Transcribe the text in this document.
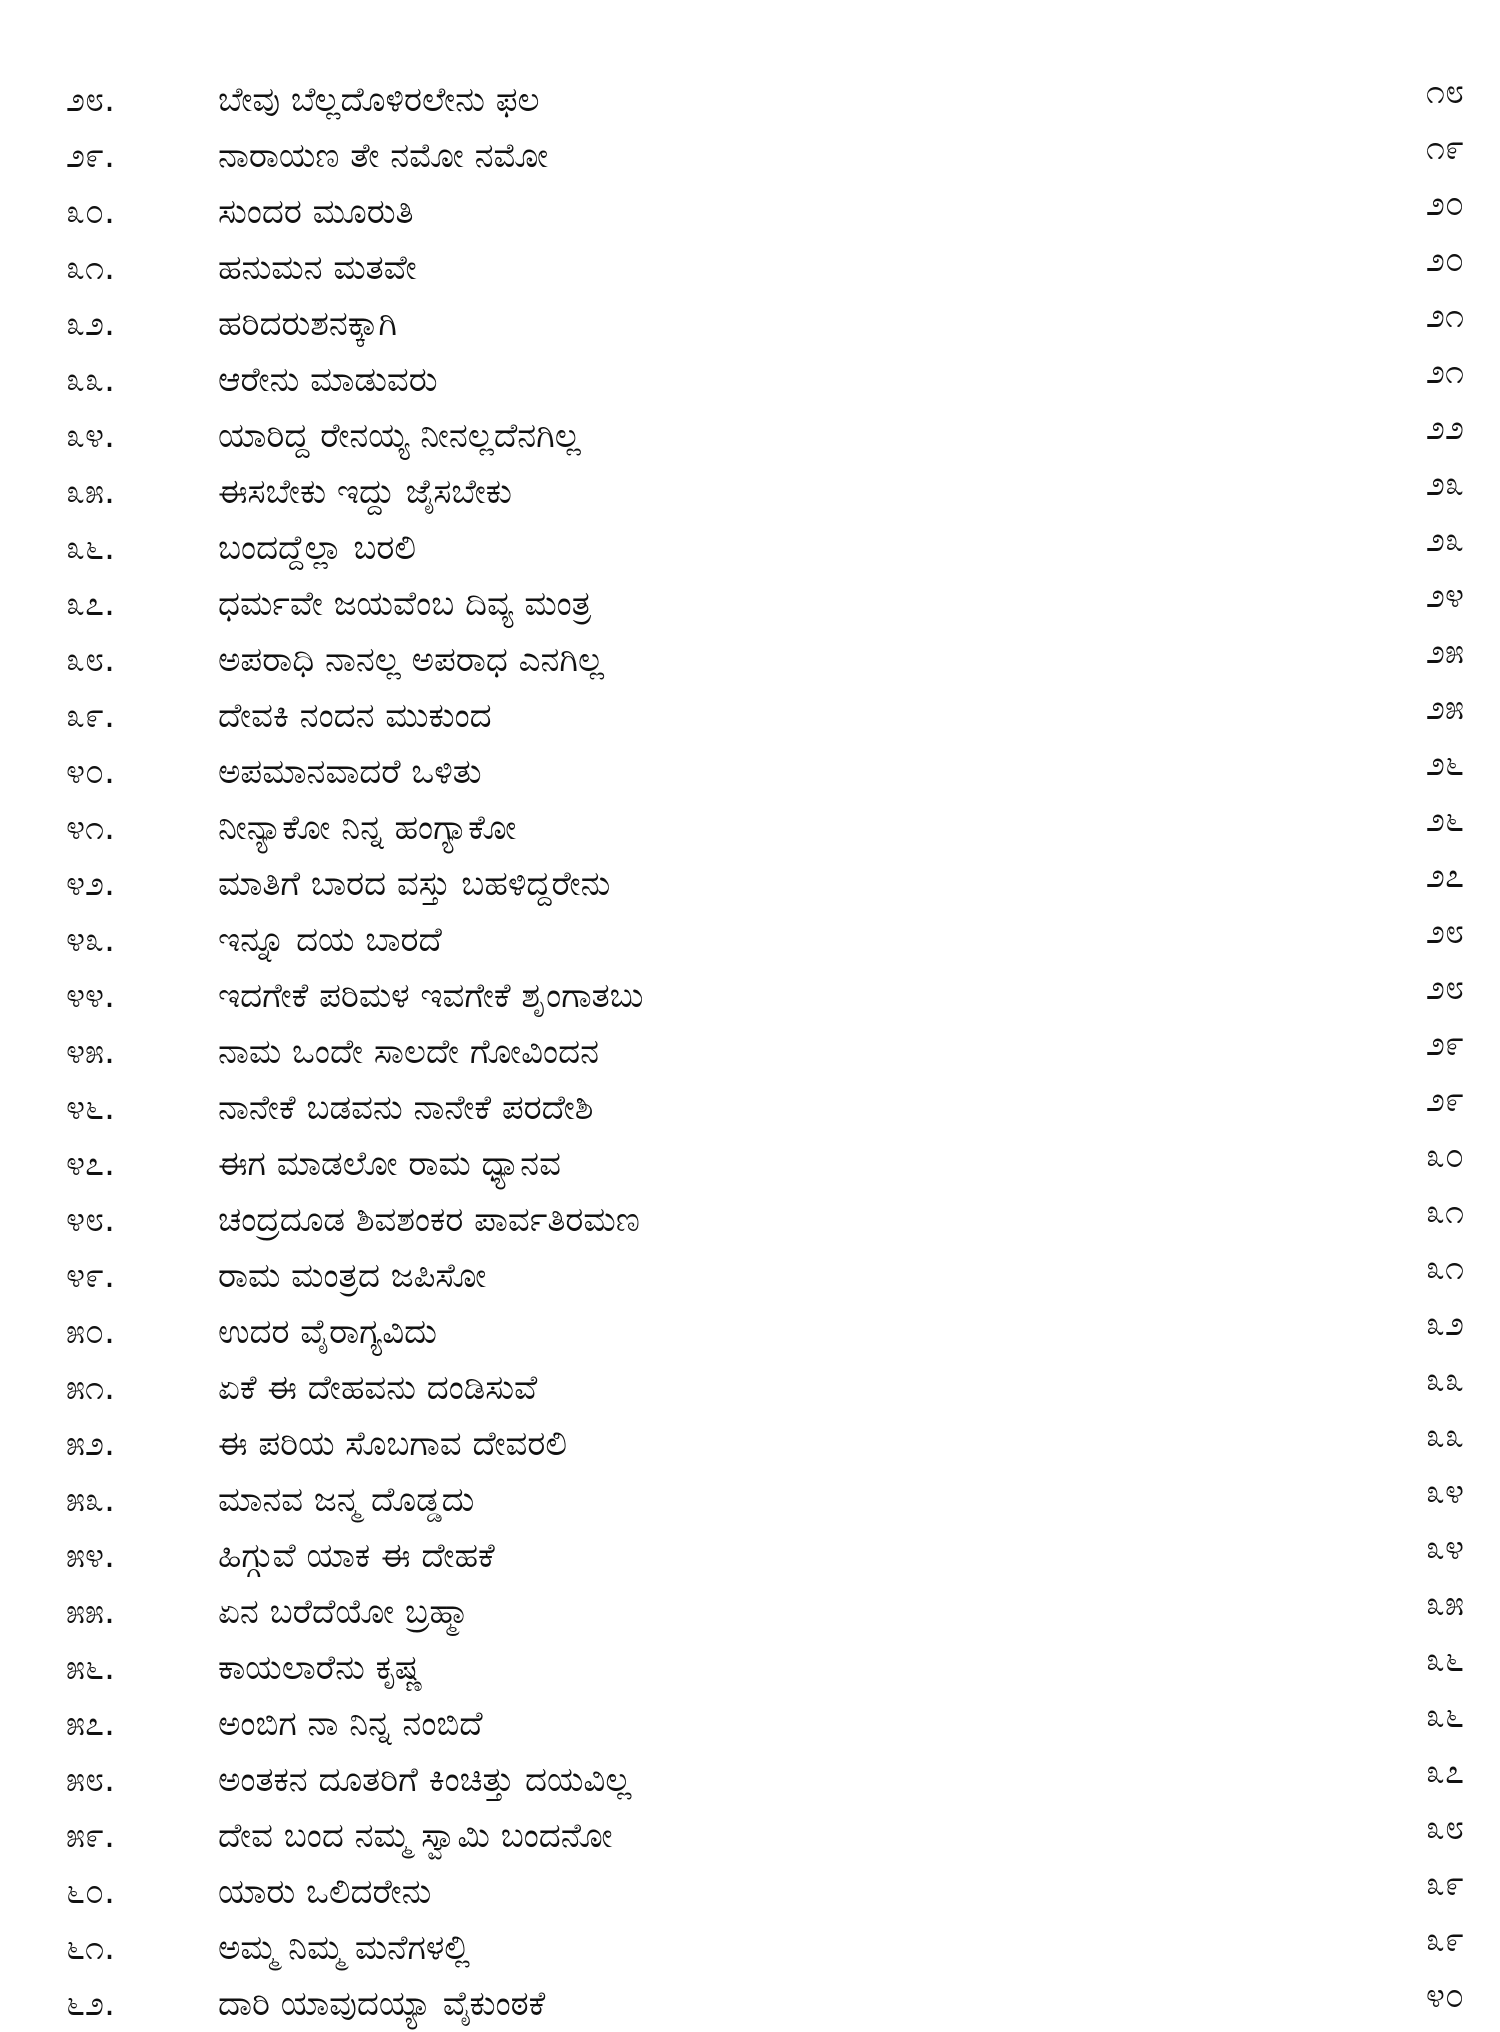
೨೮.	ಬೇವು ಬೆಲ್ಲದೊಳಿರಲೇನು ಫಲ	೧೮
೨೯.	ನಾರಾಯಣ ತೇ ನಮೋ ನಮೋ	೧೯
೩೦.	ಸುಂದರ ಮೂರುತಿ	೨೦
೩೧.	ಹನುಮನ ಮತವೇ	೨೦
೩೨.	ಹರಿದರುಶನಕ್ಕಾಗಿ	೨೧
೩೩.	ಆರೇನು ಮಾಡುವರು	೨೧
೩೪.	ಯಾರಿದ್ದ ರೇನಯ್ಯ ನೀನಲ್ಲದೆನಗಿಲ್ಲ	೨೨
೩೫.	ಈಸಬೇಕು ಇದ್ದು ಜೈಸಬೇಕು	೨೩
೩೬.	ಬಂದದ್ದೆಲ್ಲಾ ಬರಲಿ	೨೩
೩೭.	ಧರ್ಮವೇ ಜಯವೆಂಬ ದಿವ್ಯ ಮಂತ್ರ	೨೪
೩೮.	ಅಪರಾಧಿ ನಾನಲ್ಲ ಅಪರಾಧ ಎನಗಿಲ್ಲ	೨೫
೩೯.	ದೇವಕಿ ನಂದನ ಮುಕುಂದ	೨೫
೪೦.	ಅಪಮಾನವಾದರೆ ಒಳಿತು	೨೬
೪೧.	ನೀನ್ಯಾಕೋ ನಿನ್ನ ಹಂಗ್ಯಾಕೋ	೨೬
೪೨.	ಮಾತಿಗೆ ಬಾರದ ವಸ್ತು ಬಹಳಿದ್ದರೇನು	೨೭
೪೩.	ಇನ್ನೂ ದಯ ಬಾರದೆ	೨೮
೪೪.	ಇದಗೇಕೆ ಪರಿಮಳ ಇವಗೇಕೆ ಶೃಂಗಾತಬು	೨೮
೪೫.	ನಾಮ ಒಂದೇ ಸಾಲದೇ ಗೋವಿಂದನ	೨೯
೪೬.	ನಾನೇಕೆ ಬಡವನು ನಾನೇಕೆ ಪರದೇಶಿ	೨೯
೪೭.	ಈಗ ಮಾಡಲೋ ರಾಮ ಧ್ಯಾನವ	೩೦
೪೮.	ಚಂದ್ರದೂಡ ಶಿವಶಂಕರ ಪಾರ್ವತಿರಮಣ	೩೧
೪೯.	ರಾಮ ಮಂತ್ರದ ಜಪಿಸೋ	೩೧
೫೦.	ಉದರ ವೈರಾಗ್ಯವಿದು	೩೨
೫೧.	ಏಕೆ ಈ ದೇಹವನು ದಂಡಿಸುವೆ	೩೩
೫೨.	ಈ ಪರಿಯ ಸೊಬಗಾವ ದೇವರಲಿ	೩೩
೫೩.	ಮಾನವ ಜನ್ಮ ದೊಡ್ಡದು	೩೪
೫೪.	ಹಿಗ್ಗುವೆ ಯಾಕ ಈ ದೇಹಕೆ	೩೪
೫೫.	ಏನ ಬರೆದೆಯೋ ಬ್ರಹ್ಮಾ	೩೫
೫೬.	ಕಾಯಲಾರೆನು ಕೃಷ್ಣ	೩೬
೫೭.	ಅಂಬಿಗ ನಾ ನಿನ್ನ ನಂಬಿದೆ	೩೬
೫೮.	ಅಂತಕನ ದೂತರಿಗೆ ಕಿಂಚಿತ್ತು ದಯವಿಲ್ಲ	೩೭
೫೯.	ದೇವ ಬಂದ ನಮ್ಮ ಸ್ವಾಮಿ ಬಂದನೋ	೩೮
೬೦.	ಯಾರು ಒಲಿದರೇನು	೩೯
೬೧.	ಅಮ್ಮ ನಿಮ್ಮ ಮನೆಗಳಲ್ಲಿ	೩೯
೬೨.	ದಾರಿ ಯಾವುದಯ್ಯಾ ವೈಕುಂಠಕೆ	೪೦
